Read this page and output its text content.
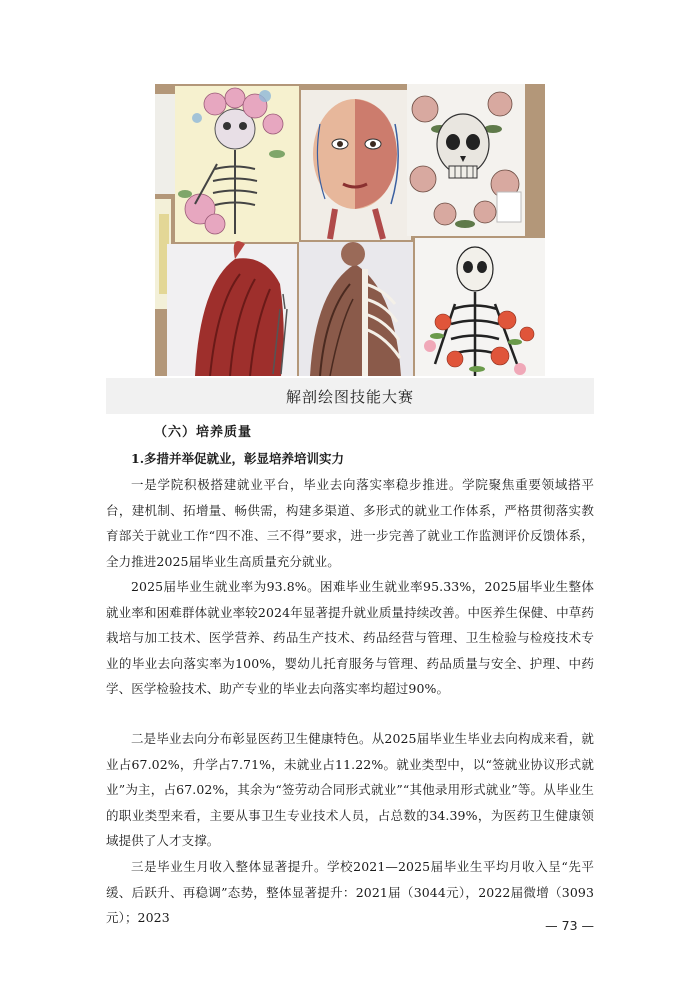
解剖绘图技能大赛
（六）培养质量
1.多措并举促就业，彰显培养培训实力

一是学院积极搭建就业平台，毕业去向落实率稳步推进。学院聚焦重要领域搭平台，建机制、拓增量、畅供需，构建多渠道、多形式的就业工作体系，严格贯彻落实教育部关于就业工作“四不准、三不得”要求，进一步完善了就业工作监测评价反馈体系，全力推进2025届毕业生高质量充分就业。

2025届毕业生就业率为93.8%。困难毕业生就业率95.33%，2025届毕业生整体就业率和困难群体就业率较2024年显著提升就业质量持续改善。中医养生保健、中草药栽培与加工技术、医学营养、药品生产技术、药品经营与管理、卫生检验与检疫技术专业的毕业去向落实率为100%，婴幼儿托育服务与管理、药品质量与安全、护理、中药学、医学检验技术、助产专业的毕业去向落实率均超过90%。

二是毕业去向分布彰显医药卫生健康特色。从2025届毕业生毕业去向构成来看，就业占67.02%，升学占7.71%，未就业占11.22%。就业类型中，以“签就业协议形式就业”为主，占67.02%，其余为“签劳动合同形式就业”“其他录用形式就业”等。从毕业生的职业类型来看，主要从事卫生专业技术人员，占总数的34.39%，为医药卫生健康领域提供了人才支撑。

三是毕业生月收入整体显著提升。学校2021—2025届毕业生平均月收入呈“先平缓、后跃升、再稳调”态势，整体显著提升：2021届（3044元），2022届微增（3093元）；2023

— 73 —
